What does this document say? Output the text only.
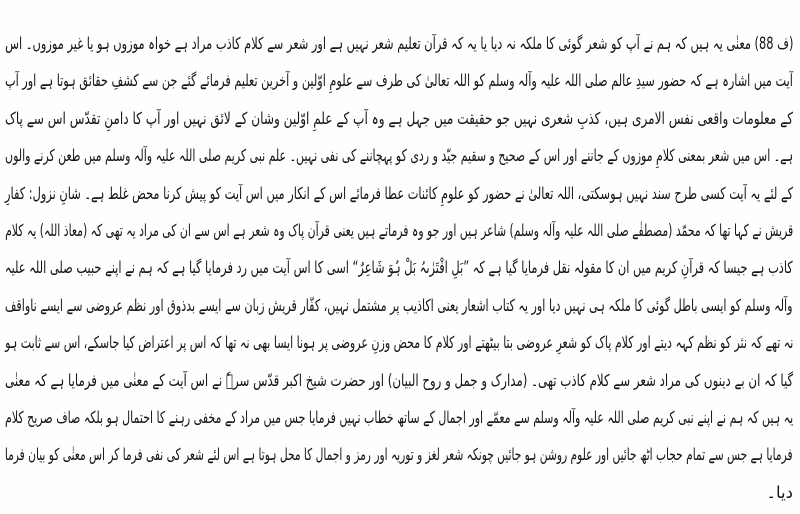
(ف 88) معنٰی یہ ہیں کہ ہم نے آپ کو شعر گوئی کا ملکہ نہ دیا یا یہ کہ قرآن تعلیم شعر نہیں ہے اور شعر سے کلام کاذب مراد ہے خواہ موزوں ہو یا غیر موزوں۔ اس
آیت میں اشارہ ہے کہ حضور سیدِ عالم صلی اللہ علیہ وآلہ وسلم کو اللہ تعالیٰ کی طرف سے علومِ اوّلین و آخرین تعلیم فرمائے گئے جن سے کشفِ حقائق ہوتا ہے اور آپ
کے معلومات واقعی نفس الامری ہیں، کذبِ شعری نہیں جو حقیقت میں جہل ہے وہ آپ کے علمِ اوّلین وشان کے لائق نہیں اور آپ کا دامنِ تقدّس اس سے پاک
ہے۔ اس میں شعر بمعنی کلامِ موزوں کے جاننے اور اس کے صحیح و سقیم جیّد و ردی کو پہچاننے کی نفی نہیں۔ علم نبی کریم صلی اللہ علیہ وآلہ وسلم میں طعن کرنے والوں
کے لئے یہ آیت کسی طرح سند نہیں ہوسکتی، اللہ تعالیٰ نے حضور کو علومِ کائنات عطا فرمائے اس کے انکار میں اس آیت کو پیش کرنا محض غلط ہے۔ شانِ نزول: کفارِ
قریش نے کہا تھا کہ محمّد (مصطفٰے صلی اللہ علیہ وآلہ وسلم) شاعر ہیں اور جو وہ فرماتے ہیں یعنی قرآن پاک وہ شعر ہے اس سے ان کی مراد یہ تھی کہ (معاذ اللہ) یہ کلام
کاذب ہے جیسا کہ قرآنِ کریم میں ان کا مقولہ نقل فرمایا گیا ہے کہ ”بَلِ افْتَرٰىہُ بَلْ ہُوَ شَاعِرٌ“ اسی کا اس آیت میں رد فرمایا گیا ہے کہ ہم نے اپنے حبیب صلی اللہ علیہ
وآلہ وسلم کو ایسی باطل گوئی کا ملکہ ہی نہیں دیا اور یہ کتاب اشعار یعنی اکاذیب پر مشتمل نہیں، کفّار قریش زبان سے ایسے بدذوق اور نظم عروضی سے ایسے ناواقف
نہ تھے کہ نثر کو نظم کہہ دیتے اور کلام پاک کو شعرِ عروضی بتا بیٹھتے اور کلام کا محض وزنِ عروضی پر ہونا ایسا بھی نہ تھا کہ اس پر اعتراض کیا جاسکے، اس سے ثابت ہو
گیا کہ ان بے دینوں کی مراد شعر سے کلام کاذب تھی۔ (مدارک و جمل و روح البیان) اور حضرت شیخ اکبر قدّس سرہٗ نے اس آیت کے معنٰی میں فرمایا ہے کہ معنٰی
یہ ہیں کہ ہم نے اپنے نبی کریم صلی اللہ علیہ وآلہ وسلم سے معمّے اور اجمال کے ساتھ خطاب نہیں فرمایا جس میں مراد کے مخفی رہنے کا احتمال ہو بلکہ صاف صریح کلام
فرمایا ہے جس سے تمام حجاب اٹھ جائیں اور علوم روشن ہو جائیں چونکہ شعر لغز و توریہ اور رمز و اجمال کا محل ہوتا ہے اس لئے شعر کی نفی فرما کر اس معنٰی کو بیان فرما
دیا۔
